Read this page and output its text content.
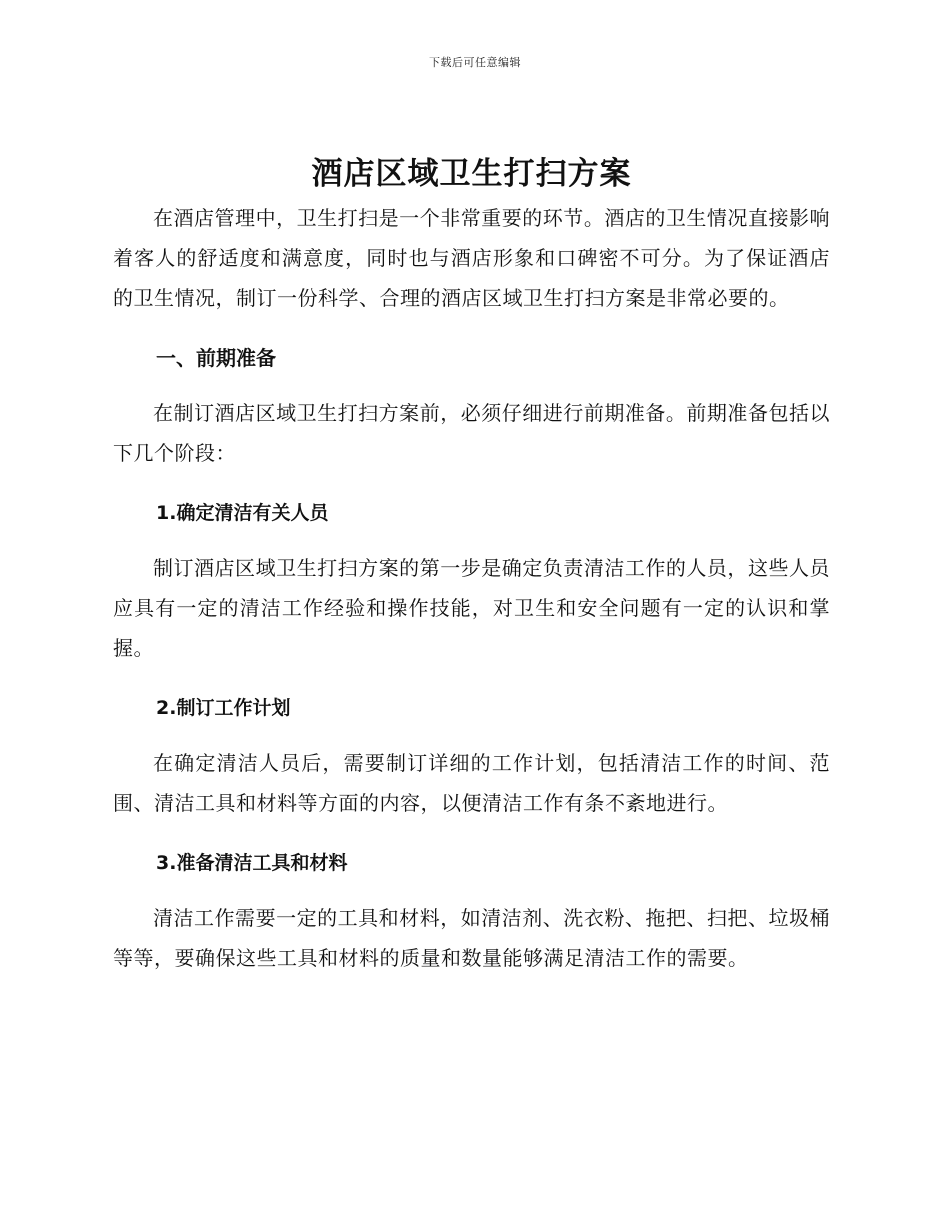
下载后可任意编辑
酒店区域卫生打扫方案

在酒店管理中，卫生打扫是一个非常重要的环节。酒店的卫生情况直接影响着客人的舒适度和满意度，同时也与酒店形象和口碑密不可分。为了保证酒店的卫生情况，制订一份科学、合理的酒店区域卫生打扫方案是非常必要的。

一、前期准备

在制订酒店区域卫生打扫方案前，必须仔细进行前期准备。前期准备包括以下几个阶段：

1.确定清洁有关人员

制订酒店区域卫生打扫方案的第一步是确定负责清洁工作的人员，这些人员应具有一定的清洁工作经验和操作技能，对卫生和安全问题有一定的认识和掌握。

2.制订工作计划

在确定清洁人员后，需要制订详细的工作计划，包括清洁工作的时间、范围、清洁工具和材料等方面的内容，以便清洁工作有条不紊地进行。

3.准备清洁工具和材料

清洁工作需要一定的工具和材料，如清洁剂、洗衣粉、拖把、扫把、垃圾桶等等，要确保这些工具和材料的质量和数量能够满足清洁工作的需要。
